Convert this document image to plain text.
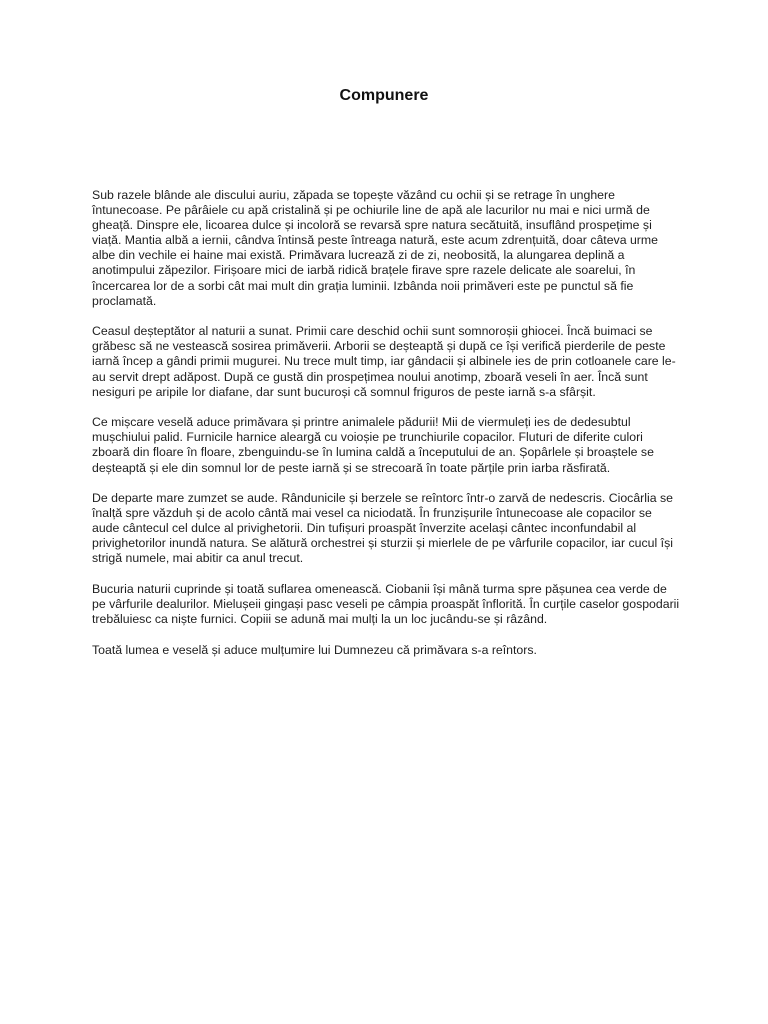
Compunere

Sub razele blânde ale discului auriu, zăpada se topește văzând cu ochii și se retrage în unghere întunecoase. Pe pârâiele cu apă cristalină și pe ochiurile line de apă ale lacurilor nu mai e nici urmă de gheață. Dinspre ele, licoarea dulce și incoloră se revarsă spre natura secătuită, insuflând prospețime și viață. Mantia albă a iernii, cândva întinsă peste întreaga natură, este acum zdrențuită, doar câteva urme albe din vechile ei haine mai există. Primăvara lucrează zi de zi, neobosită, la alungarea deplină a anotimpului zăpezilor. Firișoare mici de iarbă ridică brațele firave spre razele delicate ale soarelui, în încercarea lor de a sorbi cât mai mult din grația luminii. Izbânda noii primăveri este pe punctul să fie proclamată.

Ceasul deșteptător al naturii a sunat. Primii care deschid ochii sunt somnoroșii ghiocei. Încă buimaci se grăbesc să ne vestească sosirea primăverii. Arborii se deșteaptă și după ce își verifică pierderile de peste iarnă încep a gândi primii mugurei. Nu trece mult timp, iar gândacii și albinele ies de prin cotloanele care le-au servit drept adăpost. După ce gustă din prospețimea noului anotimp, zboară veseli în aer. Încă sunt nesiguri pe aripile lor diafane, dar sunt bucuroși că somnul friguros de peste iarnă s-a sfârșit.

Ce mișcare veselă aduce primăvara și printre animalele pădurii! Mii de viermuleți ies de dedesubtul mușchiului palid. Furnicile harnice aleargă cu voioșie pe trunchiurile copacilor. Fluturi de diferite culori zboară din floare în floare, zbenguindu-se în lumina caldă a începutului de an. Șopârlele și broaștele se deșteaptă și ele din somnul lor de peste iarnă și se strecoară în toate părțile prin iarba răsfirată.

De departe mare zumzet se aude. Rândunicile și berzele se reîntorc într-o zarvă de nedescris. Ciocârlia se înalță spre văzduh și de acolo cântă mai vesel ca niciodată. În frunzișurile întunecoase ale copacilor se aude cântecul cel dulce al privighetorii. Din tufișuri proaspăt înverzite același cântec inconfundabil al privighetorilor inundă natura. Se alătură orchestrei și sturzii și mierlele de pe vârfurile copacilor, iar cucul își strigă numele, mai abitir ca anul trecut.

Bucuria naturii cuprinde și toată suflarea omenească. Ciobanii își mână turma spre pășunea cea verde de pe vârfurile dealurilor. Mielușeii gingași pasc veseli pe câmpia proaspăt înflorită. În curțile caselor gospodarii trebăluiesc ca niște furnici. Copiii se adună mai mulți la un loc jucându-se și râzând.

Toată lumea e veselă și aduce mulțumire lui Dumnezeu că primăvara s-a reîntors.
